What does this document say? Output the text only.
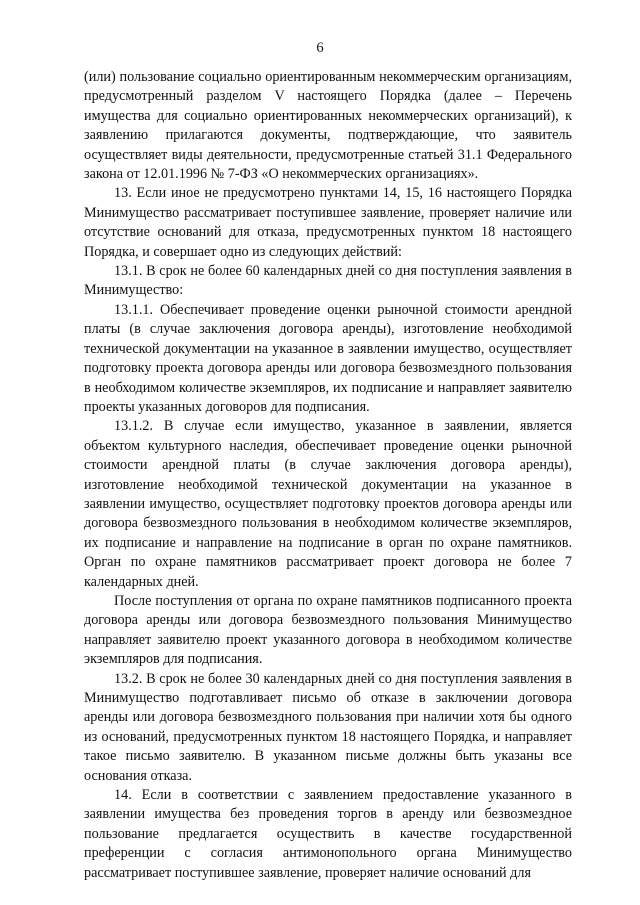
6

(или) пользование социально ориентированным некоммерческим организациям, предусмотренный разделом V настоящего Порядка (далее – Перечень имущества для социально ориентированных некоммерческих организаций), к заявлению прилагаются документы, подтверждающие, что заявитель осуществляет виды деятельности, предусмотренные статьей 31.1 Федерального закона от 12.01.1996 № 7-ФЗ «О некоммерческих организациях».

13. Если иное не предусмотрено пунктами 14, 15, 16 настоящего Порядка Минимущество рассматривает поступившее заявление, проверяет наличие или отсутствие оснований для отказа, предусмотренных пунктом 18 настоящего Порядка, и совершает одно из следующих действий:

13.1. В срок не более 60 календарных дней со дня поступления заявления в Минимущество:

13.1.1. Обеспечивает проведение оценки рыночной стоимости арендной платы (в случае заключения договора аренды), изготовление необходимой технической документации на указанное в заявлении имущество, осуществляет подготовку проекта договора аренды или договора безвозмездного пользования в необходимом количестве экземпляров, их подписание и направляет заявителю проекты указанных договоров для подписания.

13.1.2. В случае если имущество, указанное в заявлении, является объектом культурного наследия, обеспечивает проведение оценки рыночной стоимости арендной платы (в случае заключения договора аренды), изготовление необходимой технической документации на указанное в заявлении имущество, осуществляет подготовку проектов договора аренды или договора безвозмездного пользования в необходимом количестве экземпляров, их подписание и направление на подписание в орган по охране памятников. Орган по охране памятников рассматривает проект договора не более 7 календарных дней.

После поступления от органа по охране памятников подписанного проекта договора аренды или договора безвозмездного пользования Минимущество направляет заявителю проект указанного договора в необходимом количестве экземпляров для подписания.

13.2. В срок не более 30 календарных дней со дня поступления заявления в Минимущество подготавливает письмо об отказе в заключении договора аренды или договора безвозмездного пользования при наличии хотя бы одного из оснований, предусмотренных пунктом 18 настоящего Порядка, и направляет такое письмо заявителю. В указанном письме должны быть указаны все основания отказа.

14. Если в соответствии с заявлением предоставление указанного в заявлении имущества без проведения торгов в аренду или безвозмездное пользование предлагается осуществить в качестве государственной преференции с согласия антимонопольного органа Минимущество рассматривает поступившее заявление, проверяет наличие оснований для
